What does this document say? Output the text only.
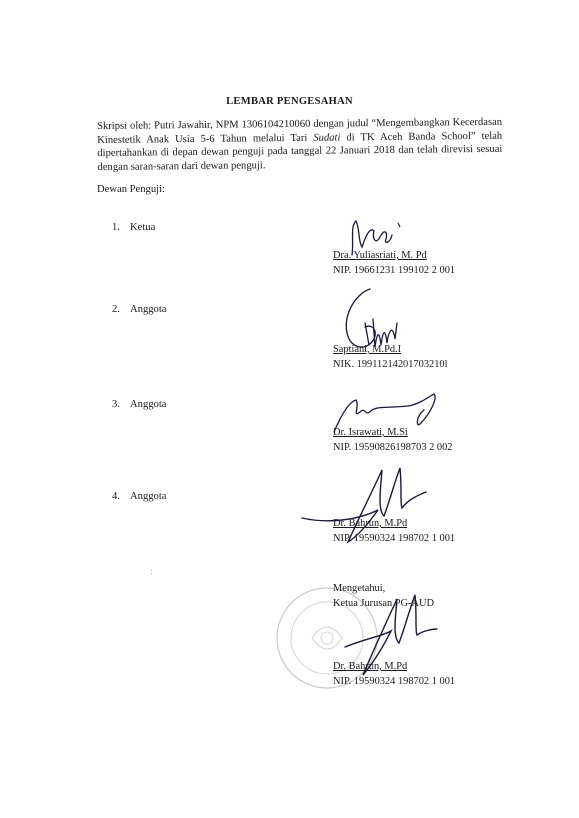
LEMBAR PENGESAHAN
Skripsi oleh: Putri Jawahir, NPM 1306104210060 dengan judul “Mengembangkan Kecerdasan Kinestetik Anak Usia 5-6 Tahun melalui Tari Sudati di TK Aceh Banda School” telah dipertahankan di depan dewan penguji pada tanggal 22 Januari 2018 dan telah direvisi sesuai dengan saran-saran dari dewan penguji.
Dewan Penguji:
1. Ketua
Dra. Yuliasriati, M. Pd
NIP. 19661231 199102 2 001
2. Anggota
Saptiani, M.Pd.I
NIK. 19911214201703210l
3. Anggota
Dr. Israwati, M.Si
NIP. 19590826198703 2 002
4. Anggota
Dr. Bahrun, M.Pd
NIP. 19590324 198702 1 001
:
Mengetahui,
Ketua Jurusan PG-AUD
Dr. Bahrun, M.Pd
NIP. 19590324 198702 1 001
